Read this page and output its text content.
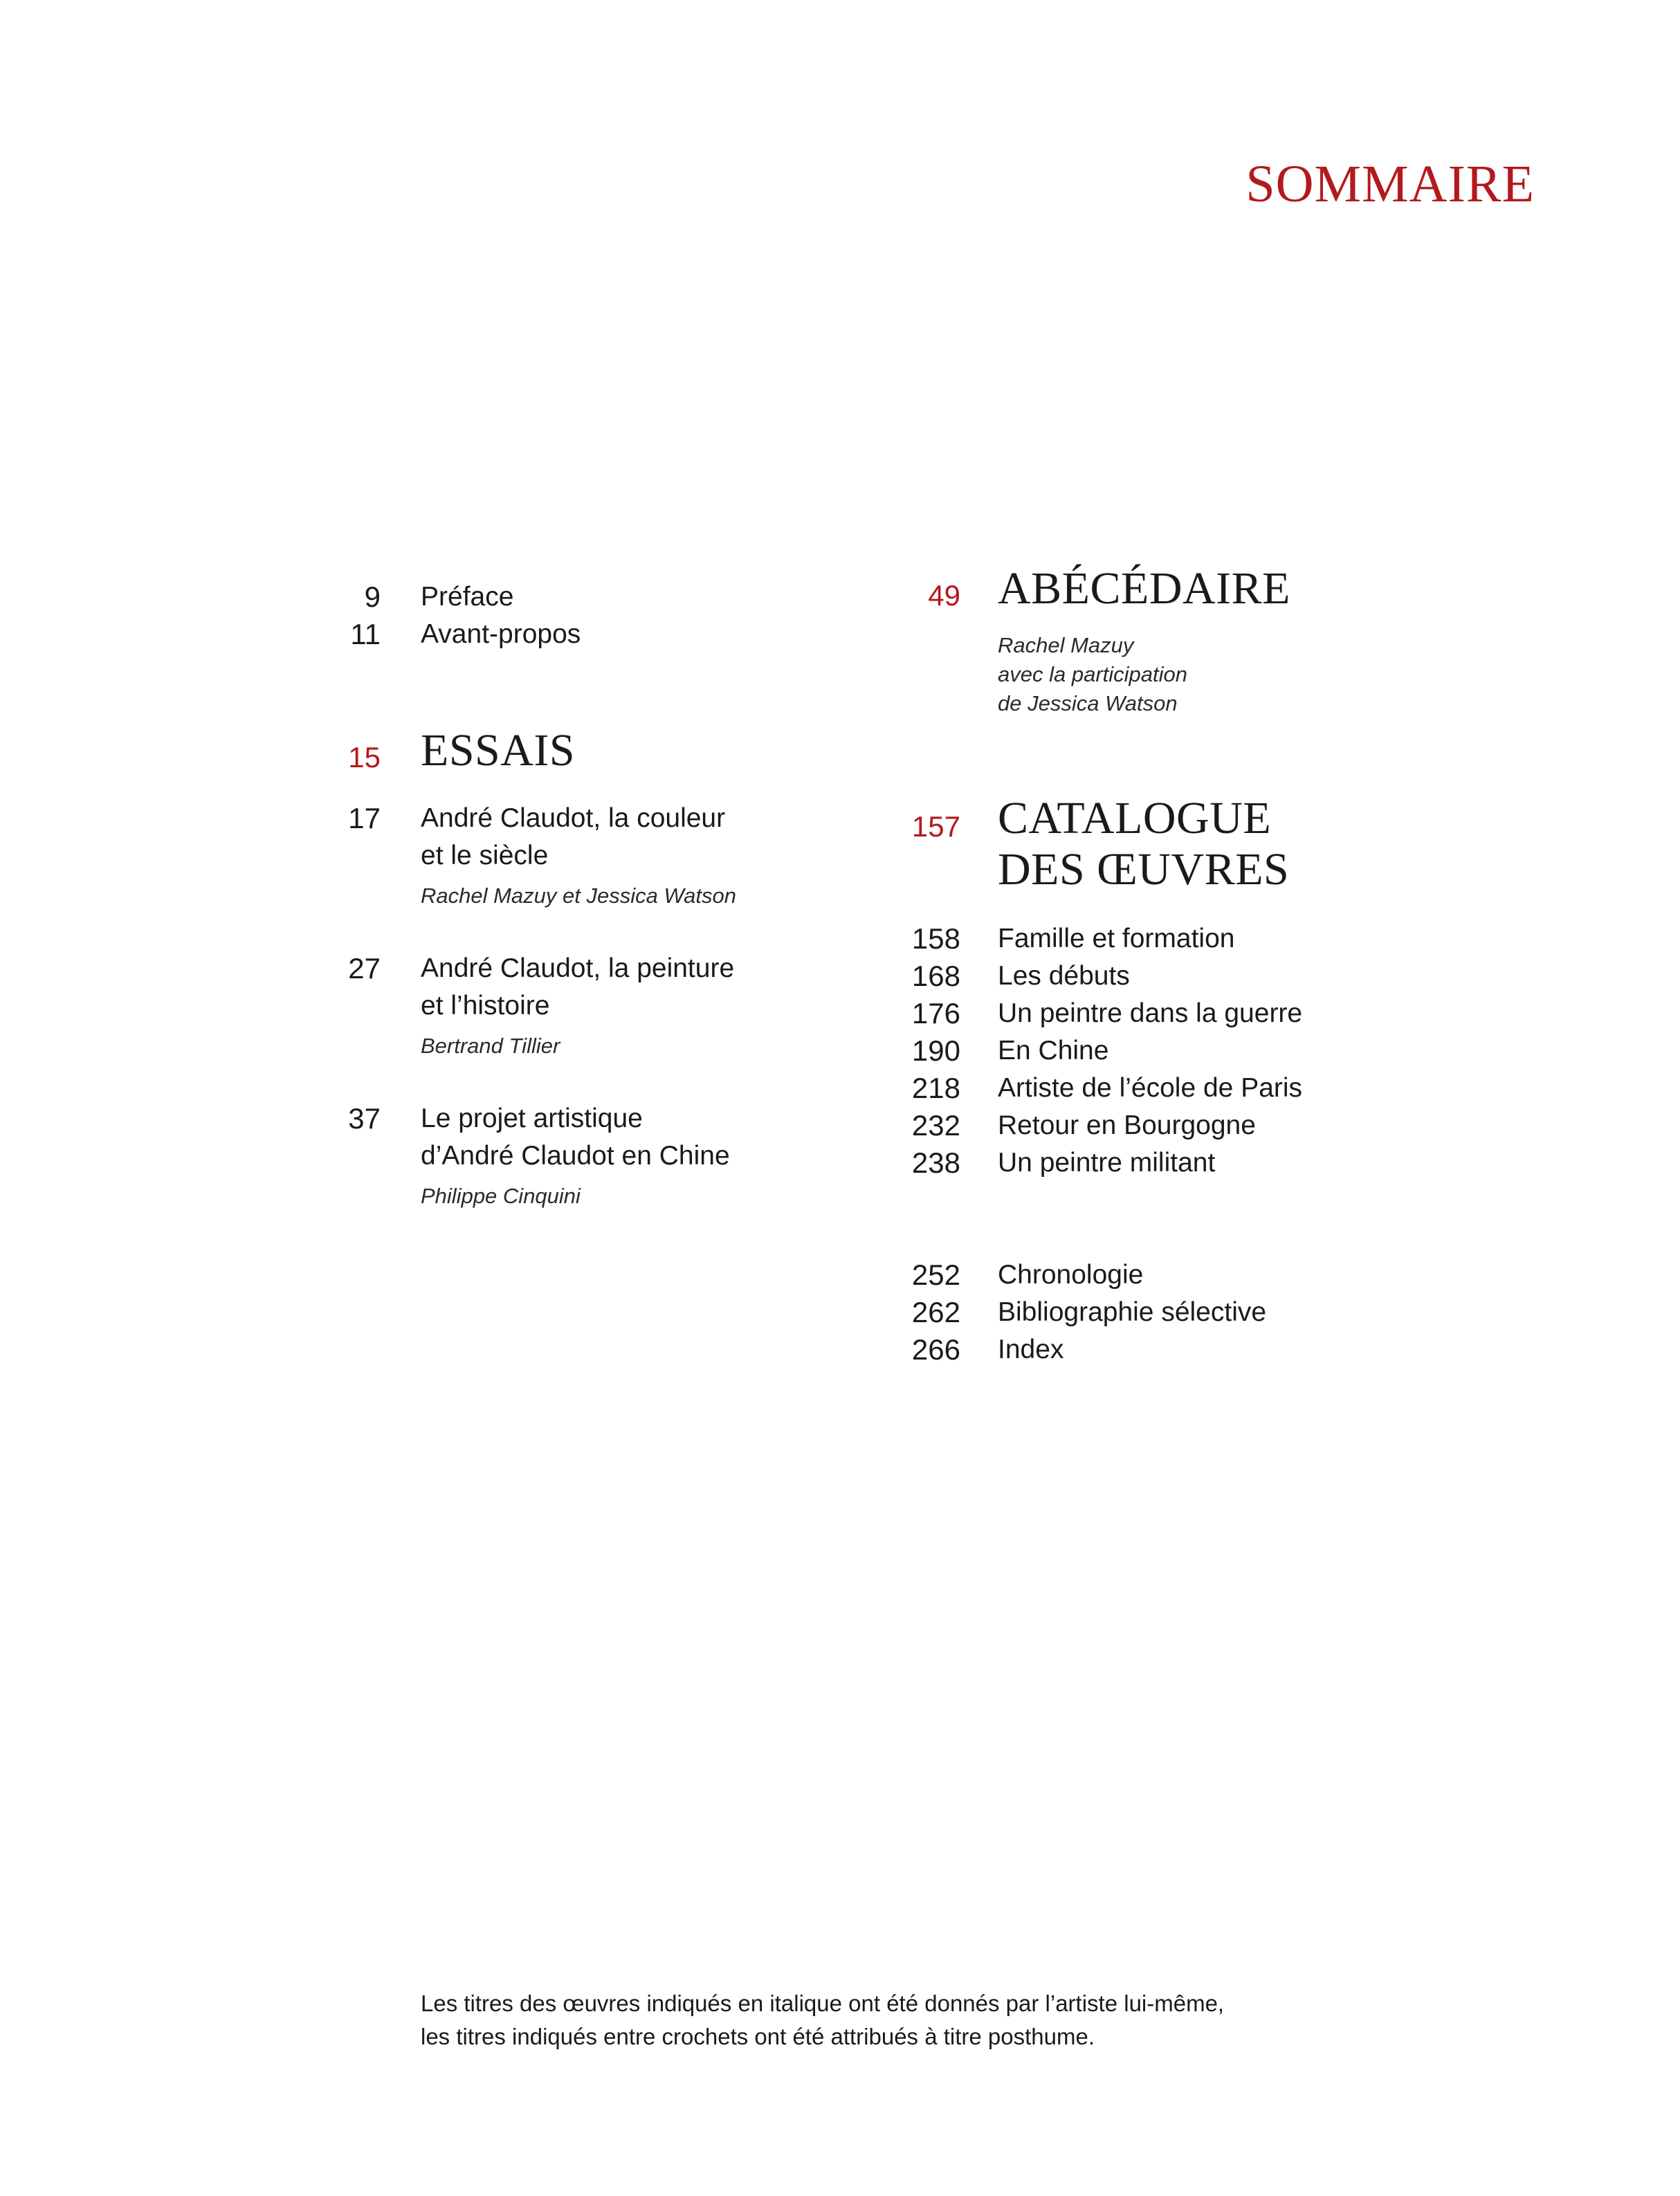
SOMMAIRE
9 Préface
11 Avant-propos
15 ESSAIS
17 André Claudot, la couleur
et le siècle
Rachel Mazuy et Jessica Watson
27 André Claudot, la peinture
et l’histoire
Bertrand Tillier
37 Le projet artistique
d’André Claudot en Chine
Philippe Cinquini
49 ABÉCÉDAIRE
Rachel Mazuy
avec la participation
de Jessica Watson
157 CATALOGUE
DES ŒUVRES
158 Famille et formation
168 Les débuts
176 Un peintre dans la guerre
190 En Chine
218 Artiste de l’école de Paris
232 Retour en Bourgogne
238 Un peintre militant
252 Chronologie
262 Bibliographie sélective
266 Index
Les titres des œuvres indiqués en italique ont été donnés par l’artiste lui-même,
les titres indiqués entre crochets ont été attribués à titre posthume.
